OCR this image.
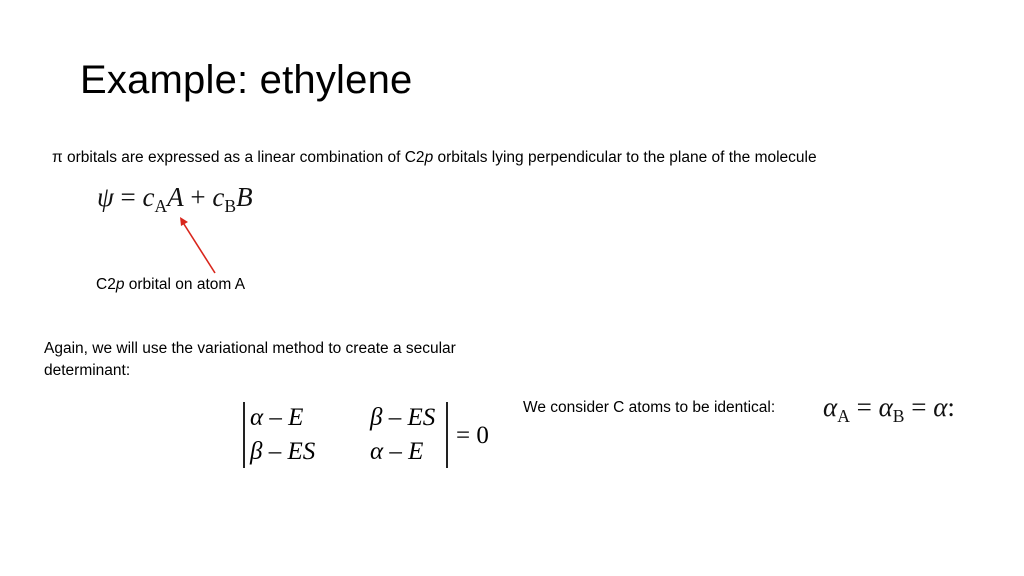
Example: ethylene
π orbitals are expressed as a linear combination of C2p orbitals lying perpendicular to the plane of the molecule
$\psi = c_AA + c_BB$
C2p orbital on atom A
Again, we will use the variational method to create a secular determinant:
α – E	β – ES
β – ES α – E
= 0
We consider C atoms to be identical: $\alpha_A = \alpha_B = \alpha$:
